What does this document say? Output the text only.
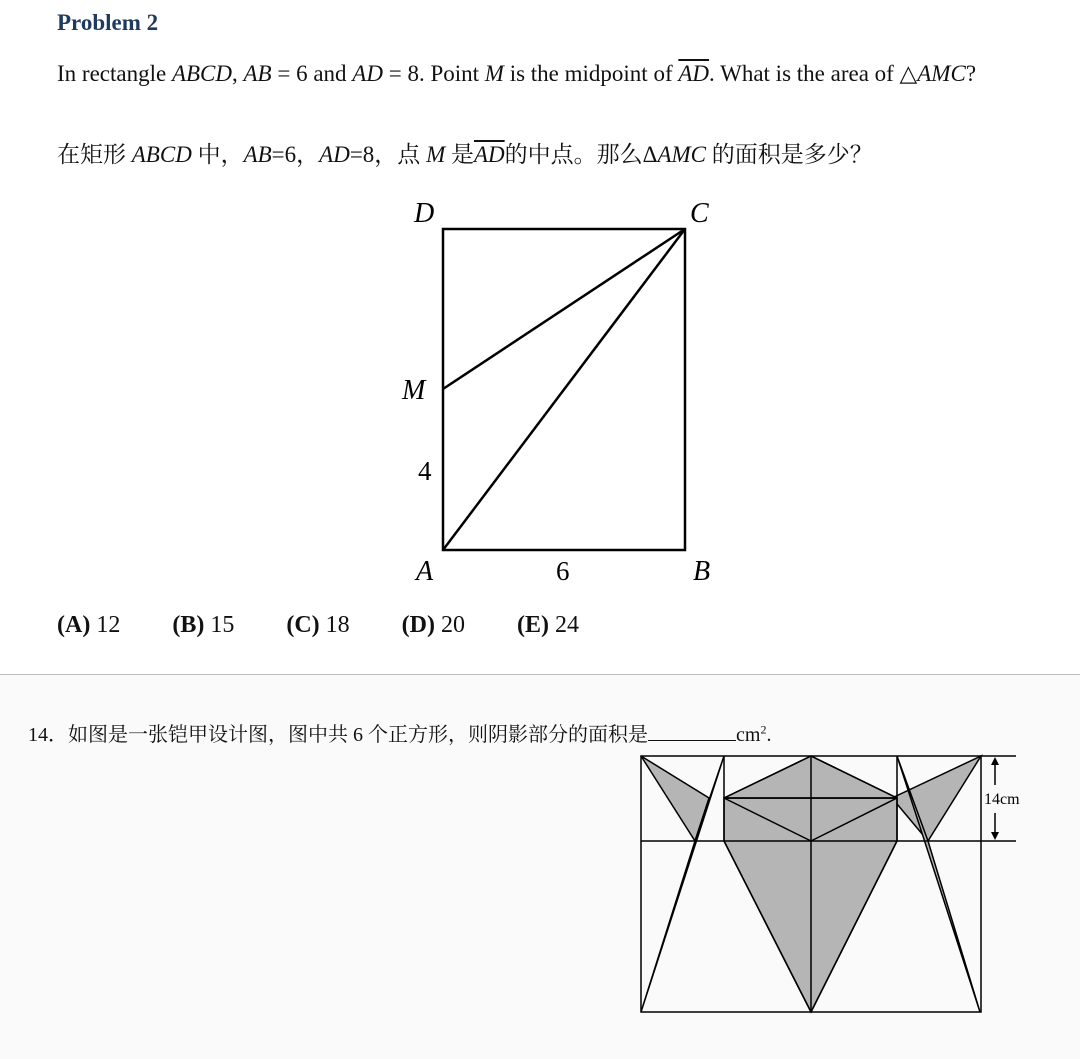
Problem 2
In rectangle ABCD, AB = 6 and AD = 8. Point M is the midpoint of $\overline{AD}$. What is the area of △AMC?
在矩形 ABCD 中，AB=6，AD=8，点 M 是$\overline{AD}$的中点。那么ΔAMC 的面积是多少？
D	C
M
4
A	6	B
(A) 12 (B) 15 (C) 18 (D) 20 (E) 24
14．如图是一张铠甲设计图，图中共 6 个正方形，则阴影部分的面积是	$cm^2$.
14cm
